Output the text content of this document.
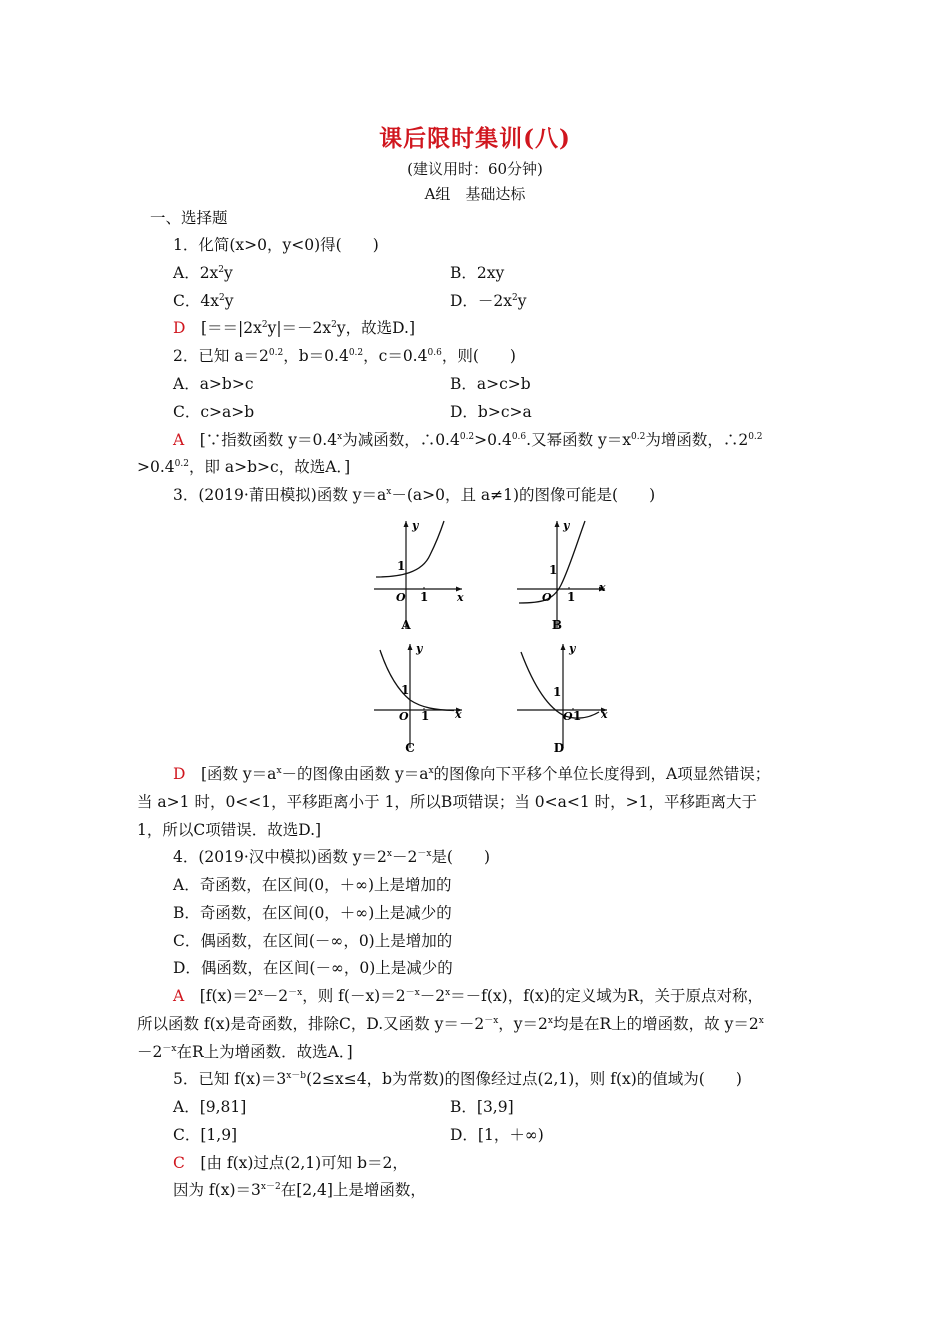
课后限时集训(八)
(建议用时：60分钟)
A组　基础达标
一、选择题
1．化简(x>0，y<0)得(　　)
A．$2x^2y$	B．2xy
C．$4x^2y$	D．$-2x^2y$
D　 [$==|2x^2y|=-2x^2y$，故选D.]
2．已知 $a=2^{0.2}$，$b=0.4^{0.2}$，$c=0.4^{0.6}$，则(　　)
A．a>b>c	B．a>c>b
C．c>a>b	D．b>c>a
A　 [∵指数函数 $y=0.4^x$为减函数，$\therefore 0.4^{0.2}>0.4^{0.6}$.又幂函数 $y=x^{0.2}$为增函数，$\therefore 2^{0.2}$
$>0.4^{0.2}$，即 a>b>c，故选A．]
3．(2019·莆田模拟)函数 $y=a^x-(a>0$，且 a≠1)的图像可能是(　　)
y
x
O
1
1
A
y
x
O
1
1
B
y
x
O
1
1
C
y
x
O
1
1
D
D　 [函数 $y=a^x-$的图像由函数 $y=a^x$的图像向下平移个单位长度得到，A项显然错误；
当 a>1 时，0<<1，平移距离小于 1，所以B项错误；当 0<a<1 时，>1，平移距离大于
1，所以C项错误．故选D.]
4．(2019·汉中模拟)函数 $y=2^x-2^{-x}$是(　　)
A．奇函数，在区间(0，＋∞)上是增加的
B．奇函数，在区间(0，＋∞)上是减少的
C．偶函数，在区间(－∞，0)上是增加的
D．偶函数，在区间(－∞，0)上是减少的
A　 [$f(x)=2^x-2^{-x}$，则 $f(-x)=2^{-x}-2^x=-f(x)$，f(x)的定义域为R，关于原点对称，
所以函数 f(x)是奇函数，排除C，D.又函数 $y=-2^{-x}$，$y=2^x$均是在R上的增函数，故 $y=2^x$
$-2^{-x}$在R上为增函数．故选A．]
5．已知 $f(x)=3^{x-b}(2\le x\le 4$，b为常数)的图像经过点(2,1)，则 f(x)的值域为(　　)
A．[9,81]	B．[3,9]
C．[1,9]	D．[1，＋∞)
C　 [由 f(x)过点(2,1)可知 b＝2，
因为 $f(x)=3^{x-2}$在[2,4]上是增函数，
